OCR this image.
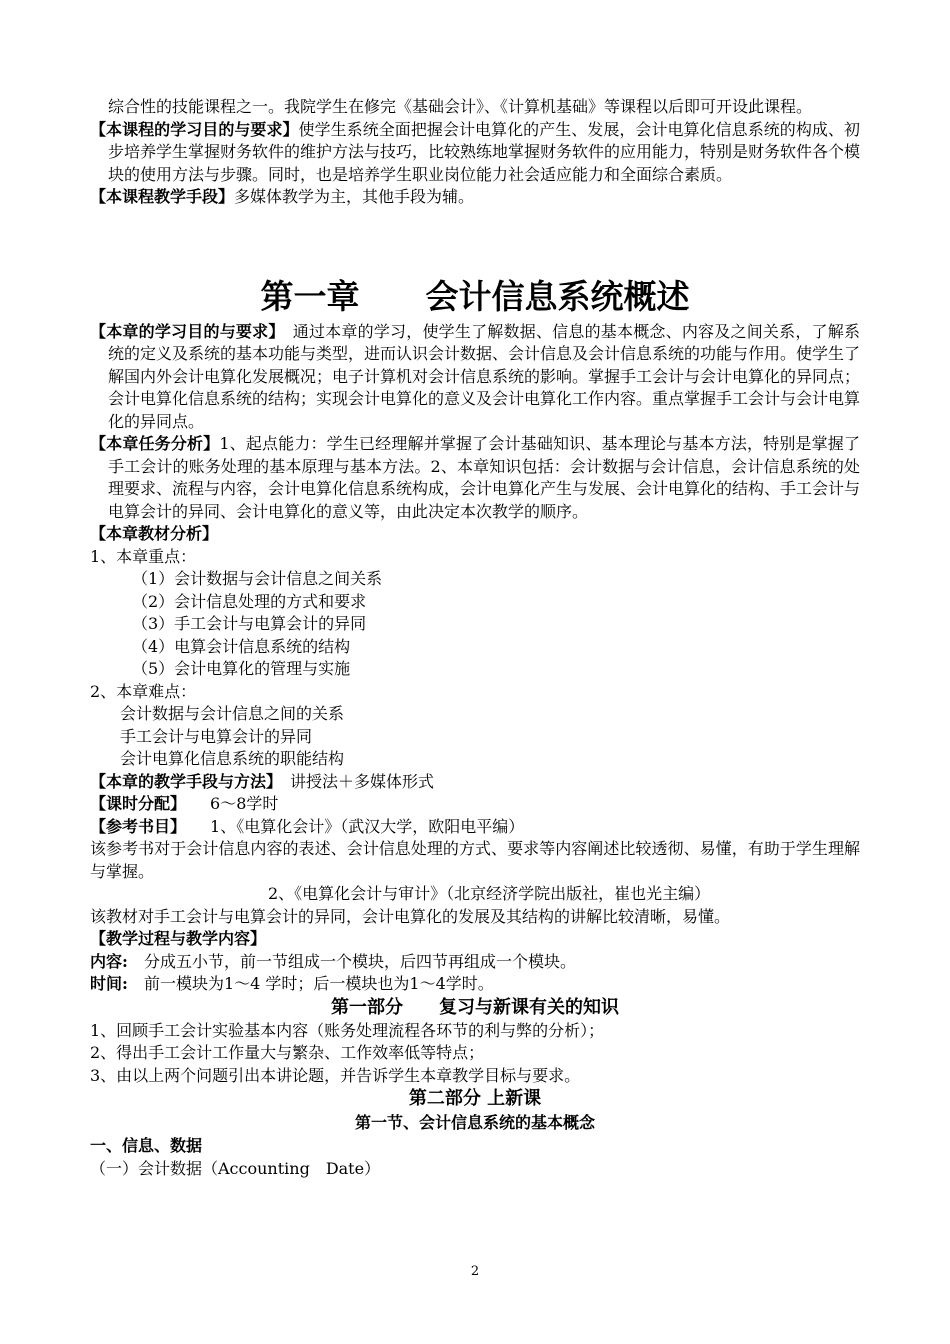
综合性的技能课程之一。我院学生在修完《基础会计》、《计算机基础》等课程以后即可开设此课程。

【本课程的学习目的与要求】使学生系统全面把握会计电算化的产生、发展，会计电算化信息系统的构成、初步培养学生掌握财务软件的维护方法与技巧，比较熟练地掌握财务软件的应用能力，特别是财务软件各个模块的使用方法与步骤。同时，也是培养学生职业岗位能力社会适应能力和全面综合素质。

【本课程教学手段】多媒体教学为主，其他手段为辅。

第一章　　会计信息系统概述

【本章的学习目的与要求】　通过本章的学习，使学生了解数据、信息的基本概念、内容及之间关系，了解系统的定义及系统的基本功能与类型，进而认识会计数据、会计信息及会计信息系统的功能与作用。使学生了解国内外会计电算化发展概况；电子计算机对会计信息系统的影响。掌握手工会计与会计电算化的异同点；会计电算化信息系统的结构；实现会计电算化的意义及会计电算化工作内容。重点掌握手工会计与会计电算化的异同点。

【本章任务分析】1、起点能力：学生已经理解并掌握了会计基础知识、基本理论与基本方法，特别是掌握了手工会计的账务处理的基本原理与基本方法。2、本章知识包括：会计数据与会计信息，会计信息系统的处理要求、流程与内容，会计电算化信息系统构成，会计电算化产生与发展、会计电算化的结构、手工会计与电算会计的异同、会计电算化的意义等，由此决定本次教学的顺序。

【本章教材分析】

1、本章重点：

（1）会计数据与会计信息之间关系

（2）会计信息处理的方式和要求

（3）手工会计与电算会计的异同

（4）电算会计信息系统的结构

（5）会计电算化的管理与实施

2、本章难点：

会计数据与会计信息之间的关系

手工会计与电算会计的异同

会计电算化信息系统的职能结构

【本章的教学手段与方法】　讲授法＋多媒体形式

【课时分配】　　6～8学时

【参考书目】　　1、《电算化会计》（武汉大学，欧阳电平编）

该参考书对于会计信息内容的表述、会计信息处理的方式、要求等内容阐述比较透彻、易懂，有助于学生理解与掌握。

2、《电算化会计与审计》（北京经济学院出版社，崔也光主编）

该教材对手工会计与电算会计的异同，会计电算化的发展及其结构的讲解比较清晰，易懂。

【教学过程与教学内容】

内容:　 分成五小节，前一节组成一个模块，后四节再组成一个模块。

时间:　 前一模块为1～4 学时；后一模块也为1～4学时。

第一部分　　复习与新课有关的知识

1、回顾手工会计实验基本内容（账务处理流程各环节的利与弊的分析）；

2、得出手工会计工作量大与繁杂、工作效率低等特点；

3、由以上两个问题引出本讲论题，并告诉学生本章教学目标与要求。

第二部分 上新课

第一节、会计信息系统的基本概念

一、信息、数据

（一）会计数据（Accounting　Date）

2
